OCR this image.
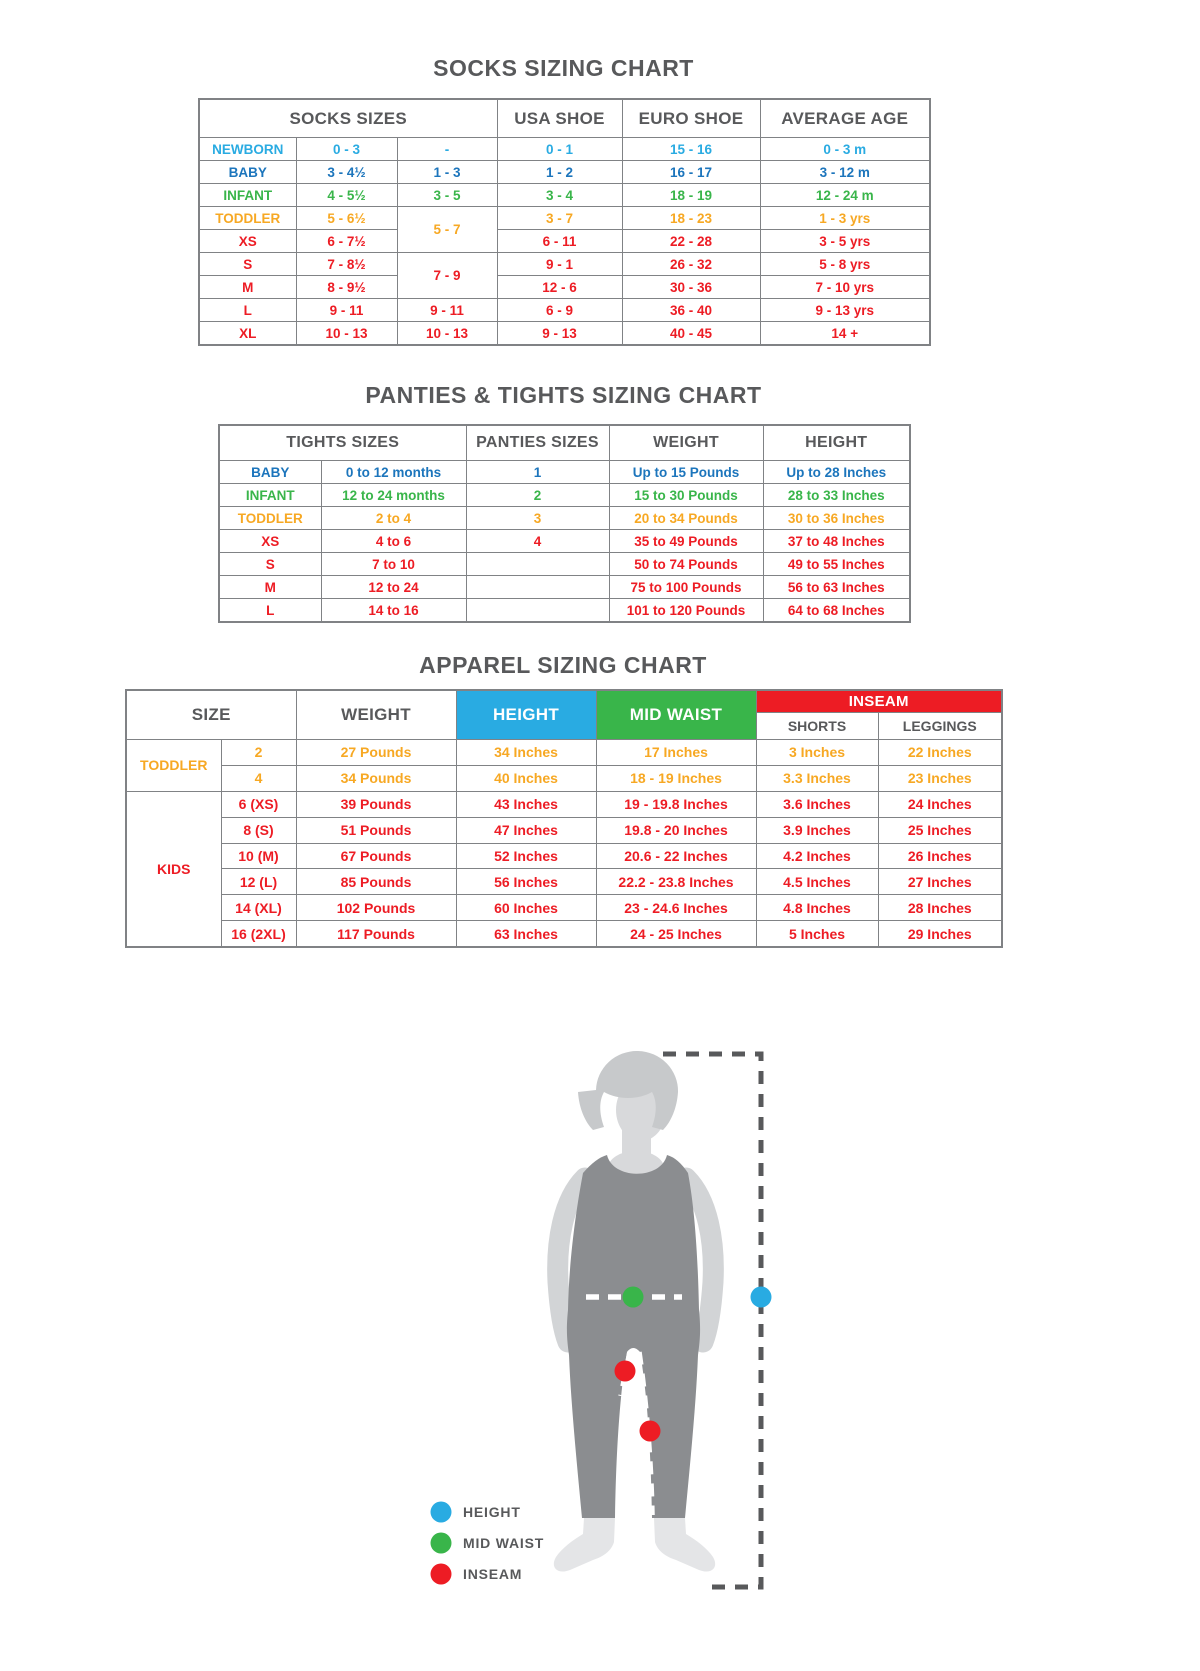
SOCKS SIZING CHART
SOCKS SIZES			USA SHOE	EURO SHOE	AVERAGE AGE
NEWBORN	0 - 3	-	0 - 1	15 - 16	0 - 3 m
BABY	3 - 4½	1 - 3	1 - 2	16 - 17	3 - 12 m
INFANT	4 - 5½	3 - 5	3 - 4	18 - 19	12 - 24 m
TODDLER	5 - 6½	5 - 7	3 - 7	18 - 23	1 - 3 yrs
XS	6 - 7½		6 - 11	22 - 28	3 - 5 yrs
S	7 - 8½	7 - 9	9 - 1	26 - 32	5 - 8 yrs
M	8 - 9½		12 - 6	30 - 36	7 - 10 yrs
L	9 - 11	9 - 11	6 - 9	36 - 40	9 - 13 yrs
XL	10 - 13	10 - 13	9 - 13	40 - 45	14 +
PANTIES & TIGHTS SIZING CHART
TIGHTS SIZES		PANTIES SIZES	WEIGHT	HEIGHT
BABY	0 to 12 months	1	Up to 15 Pounds	Up to 28 Inches
INFANT	12 to 24 months	2	15 to 30 Pounds	28 to 33 Inches
TODDLER	2 to 4	3	20 to 34 Pounds	30 to 36 Inches
XS	4 to 6	4	35 to 49 Pounds	37 to 48 Inches
S	7 to 10		50 to 74 Pounds	49 to 55 Inches
M	12 to 24		75 to 100 Pounds	56 to 63 Inches
L	14 to 16		101 to 120 Pounds	64 to 68 Inches
APPAREL SIZING CHART
SIZE		WEIGHT	HEIGHT	MID WAIST	INSEAM	
					SHORTS	LEGGINGS
TODDLER	2	27 Pounds	34 Inches	17 Inches	3 Inches	22 Inches
	4	34 Pounds	40 Inches	18 - 19 Inches	3.3 Inches	23 Inches
KIDS	6 (XS)	39 Pounds	43 Inches	19 - 19.8 Inches	3.6 Inches	24 Inches
	8 (S)	51 Pounds	47 Inches	19.8 - 20 Inches	3.9 Inches	25 Inches
	10 (M)	67 Pounds	52 Inches	20.6 - 22 Inches	4.2 Inches	26 Inches
	12 (L)	85 Pounds	56 Inches	22.2 - 23.8 Inches	4.5 Inches	27 Inches
	14 (XL)	102 Pounds	60 Inches	23 - 24.6 Inches	4.8 Inches	28 Inches
	16 (2XL)	117 Pounds	63 Inches	24 - 25 Inches	5 Inches	29 Inches
HEIGHT
MID WAIST
INSEAM
